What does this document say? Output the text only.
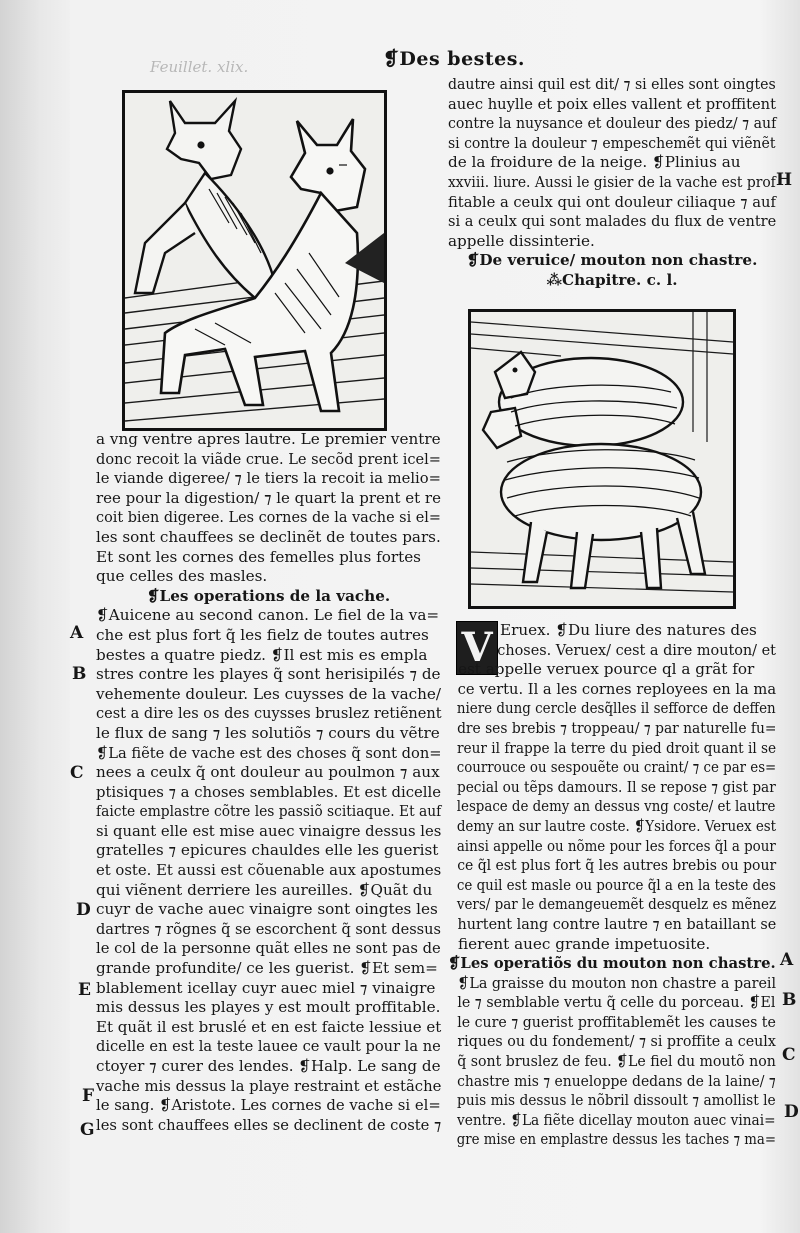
Feuillet. xlix.	❡Des bestes.

a vng ventre apres lautre. Le premier ventre

donc recoit la viãde crue. Le secõd prent icel=

le viande digeree/ ⁊ le tiers la recoit ia melio=

ree pour la digestion/ ⁊ le quart la prent et re

coit bien digeree. Les cornes de la vache si el=

les sont chauffees se declinẽt de toutes pars.

Et sont les cornes des femelles plus fortes

que celles des masles.

❡Les operations de la vache.

❡Auicene au second canon. Le fiel de la va=

che est plus fort q̃ les fielz de toutes autres

bestes a quatre piedz. ❡Il est mis es empla

stres contre les playes q̃ sont herisipilés ⁊ de

vehemente douleur. Les cuysses de la vache/

cest a dire les os des cuysses bruslez retiẽnent

le flux de sang ⁊ les solutiõs ⁊ cours du vẽtre

❡La fiẽte de vache est des choses q̃ sont don=

nees a ceulx q̃ ont douleur au poulmon ⁊ aux

ptisiques ⁊ a choses semblables. Et est dicelle

faicte emplastre cõtre les passiõ scitiaque. Et auf

si quant elle est mise auec vinaigre dessus les

gratelles ⁊ epicures chauldes elle les guerist

et oste. Et aussi est cõuenable aux apostumes

qui viẽnent derriere les aureilles. ❡Quãt du

cuyr de vache auec vinaigre sont oingtes les

dartres ⁊ rõgnes q̃ se escorchent q̃ sont dessus

le col de la personne quãt elles ne sont pas de

grande profundite/ ce les guerist. ❡Et sem=

blablement icellay cuyr auec miel ⁊ vinaigre

mis dessus les playes y est moult proffitable.

Et quãt il est bruslé et en est faicte lessiue et

dicelle en est la teste lauee ce vault pour la ne

ctoyer ⁊ curer des lendes. ❡Halp. Le sang de

vache mis dessus la playe restraint et estãche

le sang. ❡Aristote. Les cornes de vache si el=

les sont chauffees elles se declinent de coste ⁊

A
B
C
D
E
F
G

dautre ainsi quil est dit/ ⁊ si elles sont oingtes

auec huylle et poix elles vallent et proffitent

contre la nuysance et douleur des piedz/ ⁊ auf

si contre la douleur ⁊ empeschemẽt qui viẽnẽt

de la froidure de la neige. ❡Plinius au

xxviii. liure. Aussi le gisier de la vache est prof

fitable a ceulx qui ont douleur ciliaque ⁊ auf

si a ceulx qui sont malades du flux de ventre

appelle dissinterie.

❡De veruice/ mouton non chastre.

⁂Chapitre. c. l.

H
V Eruex. ❡Du liure des natures des

choses. Veruex/ cest a dire mouton/ et

est appelle veruex pource ql a grãt for

ce vertu. Il a les cornes reployees en la ma

niere dung cercle desq̃lles il sefforce de deffen

dre ses brebis ⁊ troppeau/ ⁊ par naturelle fu=

reur il frappe la terre du pied droit quant il se

courrouce ou sespouẽte ou craint/ ⁊ ce par es=

pecial ou tẽps damours. Il se repose ⁊ gist par

lespace de demy an dessus vng coste/ et lautre

demy an sur lautre coste. ❡Ysidore. Veruex est

ainsi appelle ou nõme pour les forces q̃l a pour

ce q̃l est plus fort q̃ les autres brebis ou pour

ce quil est masle ou pource q̃l a en la teste des

vers/ par le demangeuemẽt desquelz es mẽnez

hurtent lang contre lautre ⁊ en bataillant se

fierent auec grande impetuosite.

❡Les operatiõs du mouton non chastre.

❡La graisse du mouton non chastre a pareil

le ⁊ semblable vertu q̃ celle du porceau. ❡El

le cure ⁊ guerist proffitablemẽt les causes te

riques ou du fondement/ ⁊ si proffite a ceulx

q̃ sont bruslez de feu. ❡Le fiel du moutõ non

chastre mis ⁊ enueloppe dedans de la laine/ ⁊

puis mis dessus le nõbril dissoult ⁊ amollist le

ventre. ❡La fiẽte dicellay mouton auec vinai=

gre mise en emplastre dessus les taches ⁊ ma=

A
B
C
D
